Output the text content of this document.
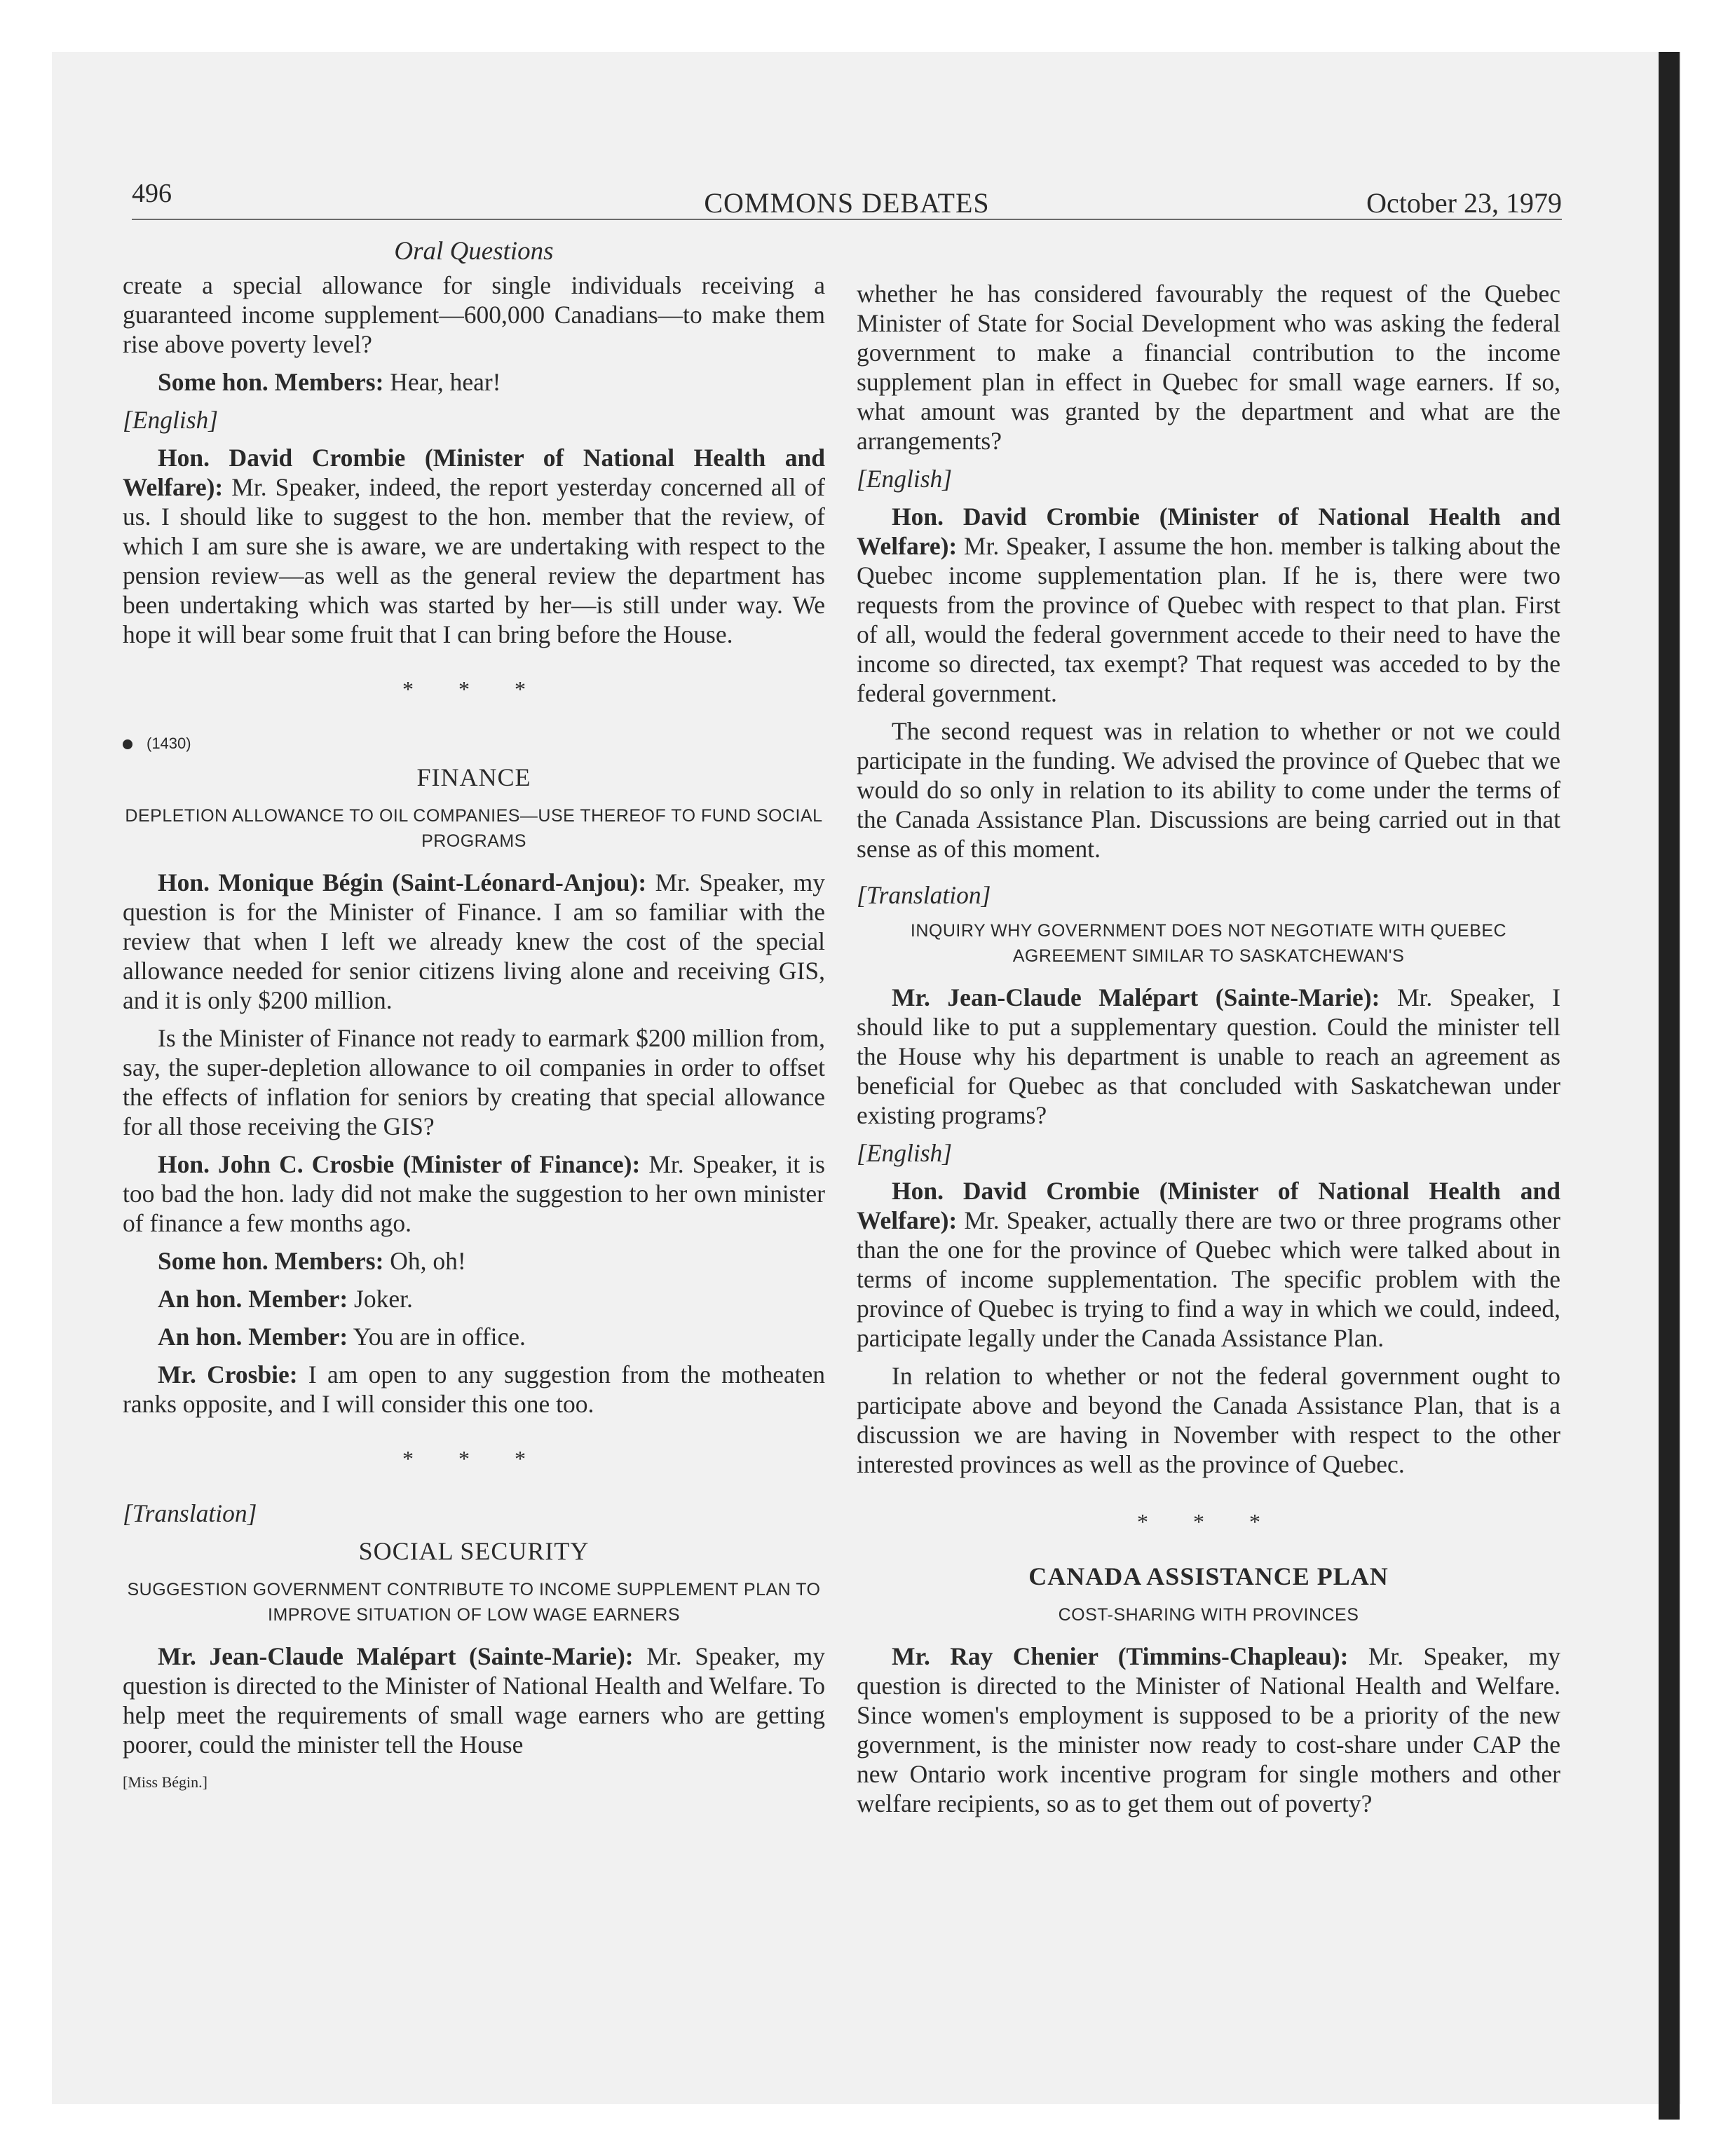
496	COMMONS DEBATES	October 23, 1979
Oral Questions

create a special allowance for single individuals receiving a guaranteed income supplement—600,000 Canadians—to make them rise above poverty level?

Some hon. Members: Hear, hear!

[English]

Hon. David Crombie (Minister of National Health and Welfare): Mr. Speaker, indeed, the report yesterday concerned all of us. I should like to suggest to the hon. member that the review, of which I am sure she is aware, we are undertaking with respect to the pension review—as well as the general review the department has been undertaking which was started by her—is still under way. We hope it will bear some fruit that I can bring before the House.

* * *
(1430)
FINANCE
DEPLETION ALLOWANCE TO OIL COMPANIES—USE THEREOF TO FUND SOCIAL PROGRAMS

Hon. Monique Bégin (Saint-Léonard-Anjou): Mr. Speaker, my question is for the Minister of Finance. I am so familiar with the review that when I left we already knew the cost of the special allowance needed for senior citizens living alone and receiving GIS, and it is only $200 million.

Is the Minister of Finance not ready to earmark $200 million from, say, the super-depletion allowance to oil companies in order to offset the effects of inflation for seniors by creating that special allowance for all those receiving the GIS?

Hon. John C. Crosbie (Minister of Finance): Mr. Speaker, it is too bad the hon. lady did not make the suggestion to her own minister of finance a few months ago.

Some hon. Members: Oh, oh!

An hon. Member: Joker.

An hon. Member: You are in office.

Mr. Crosbie: I am open to any suggestion from the motheaten ranks opposite, and I will consider this one too.

* * *

[Translation]

SOCIAL SECURITY
SUGGESTION GOVERNMENT CONTRIBUTE TO INCOME SUPPLEMENT PLAN TO IMPROVE SITUATION OF LOW WAGE EARNERS

Mr. Jean-Claude Malépart (Sainte-Marie): Mr. Speaker, my question is directed to the Minister of National Health and Welfare. To help meet the requirements of small wage earners who are getting poorer, could the minister tell the House

[Miss Bégin.]

whether he has considered favourably the request of the Quebec Minister of State for Social Development who was asking the federal government to make a financial contribution to the income supplement plan in effect in Quebec for small wage earners. If so, what amount was granted by the department and what are the arrangements?

[English]

Hon. David Crombie (Minister of National Health and Welfare): Mr. Speaker, I assume the hon. member is talking about the Quebec income supplementation plan. If he is, there were two requests from the province of Quebec with respect to that plan. First of all, would the federal government accede to their need to have the income so directed, tax exempt? That request was acceded to by the federal government.

The second request was in relation to whether or not we could participate in the funding. We advised the province of Quebec that we would do so only in relation to its ability to come under the terms of the Canada Assistance Plan. Discussions are being carried out in that sense as of this moment.

[Translation]

INQUIRY WHY GOVERNMENT DOES NOT NEGOTIATE WITH QUEBEC AGREEMENT SIMILAR TO SASKATCHEWAN'S

Mr. Jean-Claude Malépart (Sainte-Marie): Mr. Speaker, I should like to put a supplementary question. Could the minister tell the House why his department is unable to reach an agreement as beneficial for Quebec as that concluded with Saskatchewan under existing programs?

[English]

Hon. David Crombie (Minister of National Health and Welfare): Mr. Speaker, actually there are two or three programs other than the one for the province of Quebec which were talked about in terms of income supplementation. The specific problem with the province of Quebec is trying to find a way in which we could, indeed, participate legally under the Canada Assistance Plan.

In relation to whether or not the federal government ought to participate above and beyond the Canada Assistance Plan, that is a discussion we are having in November with respect to the other interested provinces as well as the province of Quebec.

* * *
CANADA ASSISTANCE PLAN
COST-SHARING WITH PROVINCES

Mr. Ray Chenier (Timmins-Chapleau): Mr. Speaker, my question is directed to the Minister of National Health and Welfare. Since women's employment is supposed to be a priority of the new government, is the minister now ready to cost-share under CAP the new Ontario work incentive program for single mothers and other welfare recipients, so as to get them out of poverty?
